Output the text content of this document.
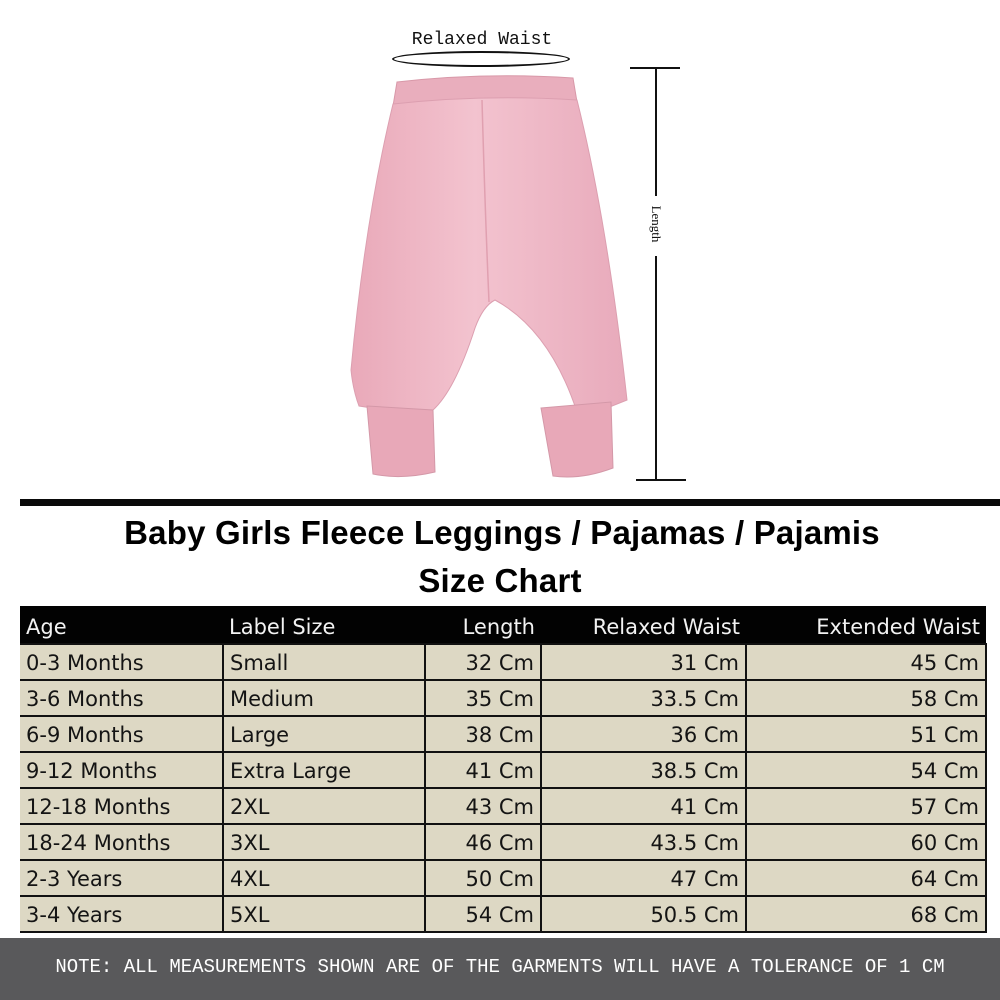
Relaxed Waist
Length
Baby Girls Fleece Leggings / Pajamas / Pajamis
Size Chart
Age	Label Size	Length	Relaxed Waist	Extended Waist
0-3 Months	Small	32 Cm	31 Cm	45 Cm
3-6 Months	Medium	35 Cm	33.5 Cm	58 Cm
6-9 Months	Large	38 Cm	36 Cm	51 Cm
9-12 Months	Extra Large	41 Cm	38.5 Cm	54 Cm
12-18 Months	2XL	43 Cm	41 Cm	57 Cm
18-24 Months	3XL	46 Cm	43.5 Cm	60 Cm
2-3 Years	4XL	50 Cm	47 Cm	64 Cm
3-4 Years	5XL	54 Cm	50.5 Cm	68 Cm
NOTE: ALL MEASUREMENTS SHOWN ARE OF THE GARMENTS WILL HAVE A TOLERANCE OF 1 CM
